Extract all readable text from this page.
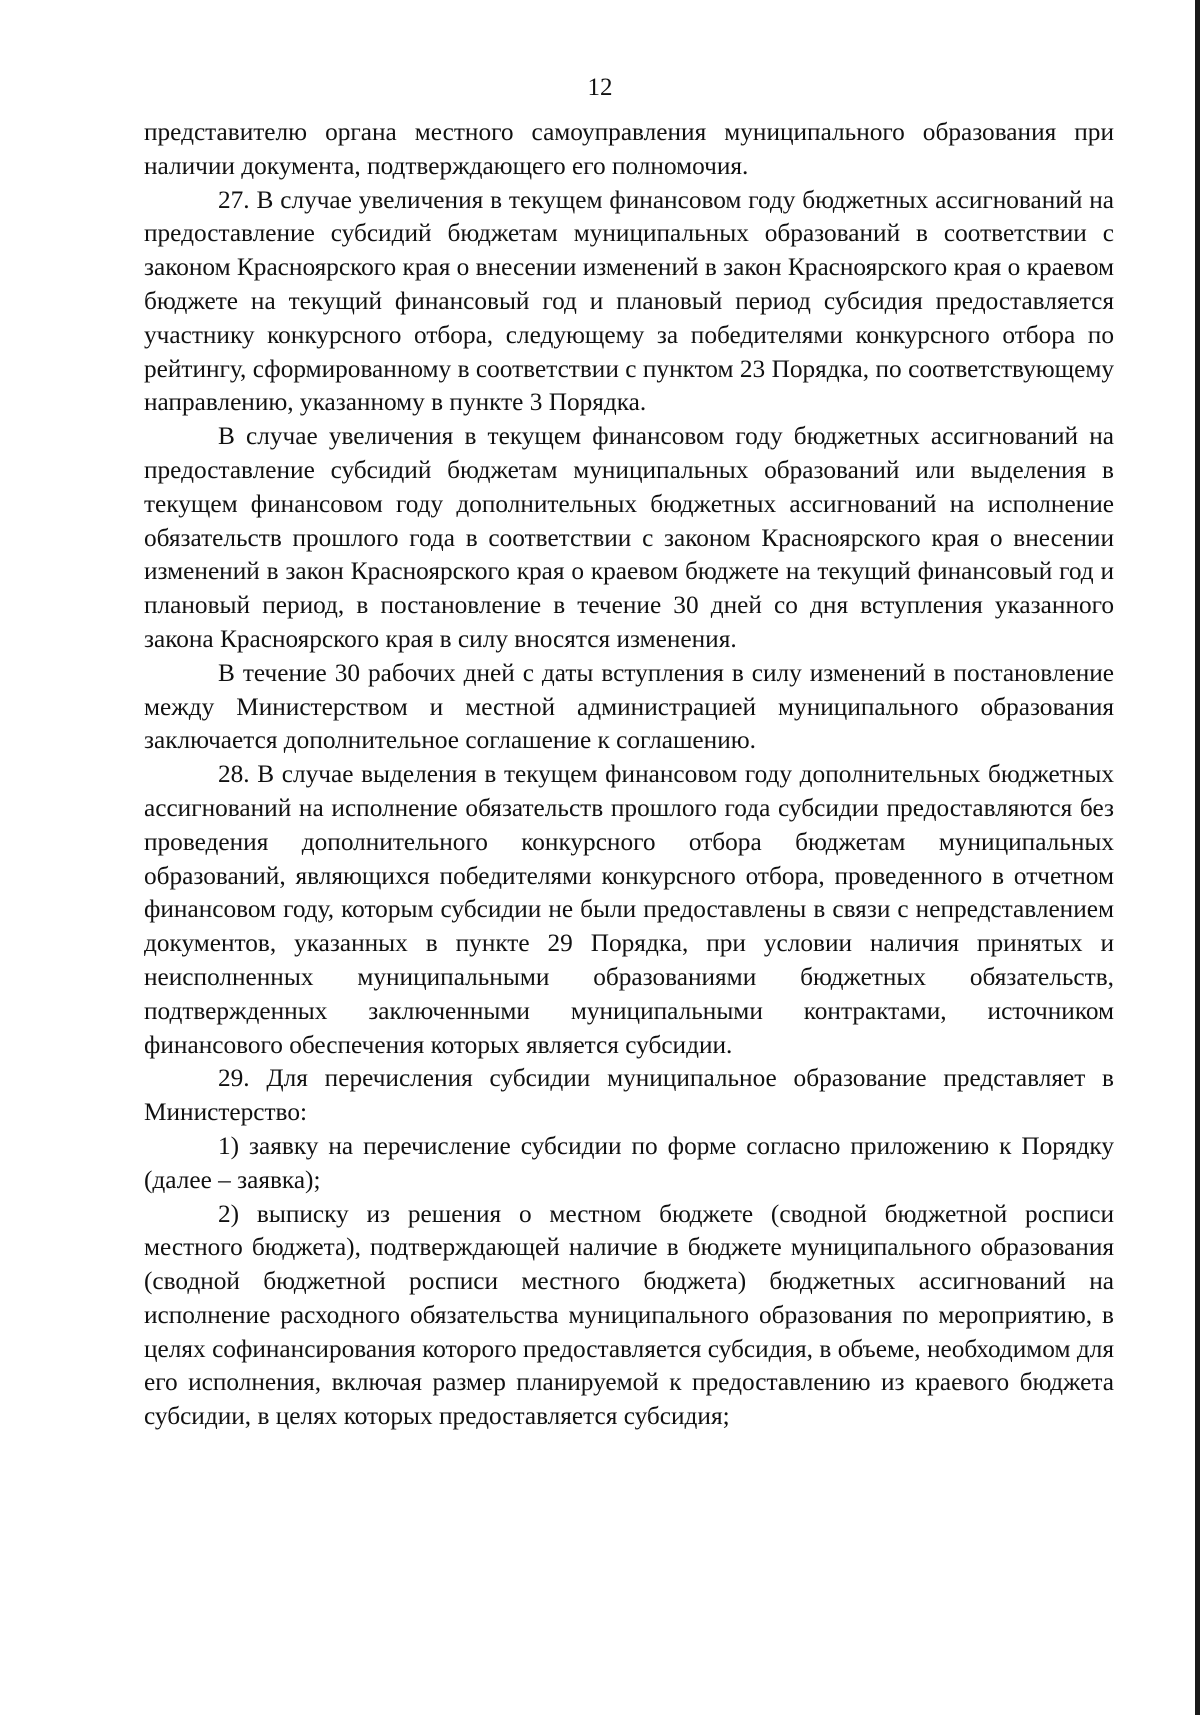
12

представителю органа местного самоуправления муниципального образования при наличии документа, подтверждающего его полномочия.

27. В случае увеличения в текущем финансовом году бюджетных ассигнований на предоставление субсидий бюджетам муниципальных образований в соответствии с законом Красноярского края о внесении изменений в закон Красноярского края о краевом бюджете на текущий финансовый год и плановый период субсидия предоставляется участнику конкурсного отбора, следующему за победителями конкурсного отбора по рейтингу, сформированному в соответствии с пунктом 23 Порядка, по соответствующему направлению, указанному в пункте 3 Порядка.

В случае увеличения в текущем финансовом году бюджетных ассигнований на предоставление субсидий бюджетам муниципальных образований или выделения в текущем финансовом году дополнительных бюджетных ассигнований на исполнение обязательств прошлого года в соответствии с законом Красноярского края о внесении изменений в закон Красноярского края о краевом бюджете на текущий финансовый год и плановый период, в постановление в течение 30 дней со дня вступления указанного закона Красноярского края в силу вносятся изменения.

В течение 30 рабочих дней с даты вступления в силу изменений в постановление между Министерством и местной администрацией муниципального образования заключается дополнительное соглашение к соглашению.

28. В случае выделения в текущем финансовом году дополнительных бюджетных ассигнований на исполнение обязательств прошлого года субсидии предоставляются без проведения дополнительного конкурсного отбора бюджетам муниципальных образований, являющихся победителями конкурсного отбора, проведенного в отчетном финансовом году, которым субсидии не были предоставлены в связи с непредставлением документов, указанных в пункте 29 Порядка, при условии наличия принятых и неисполненных муниципальными образованиями бюджетных обязательств, подтвержденных заключенными муниципальными контрактами, источником финансового обеспечения которых является субсидии.

29. Для перечисления субсидии муниципальное образование представляет в Министерство:

1) заявку на перечисление субсидии по форме согласно приложению к Порядку (далее – заявка);

2) выписку из решения о местном бюджете (сводной бюджетной росписи местного бюджета), подтверждающей наличие в бюджете муниципального образования (сводной бюджетной росписи местного бюджета) бюджетных ассигнований на исполнение расходного обязательства муниципального образования по мероприятию, в целях софинансирования которого предоставляется субсидия, в объеме, необходимом для его исполнения, включая размер планируемой к предоставлению из краевого бюджета субсидии, в целях которых предоставляется субсидия;
